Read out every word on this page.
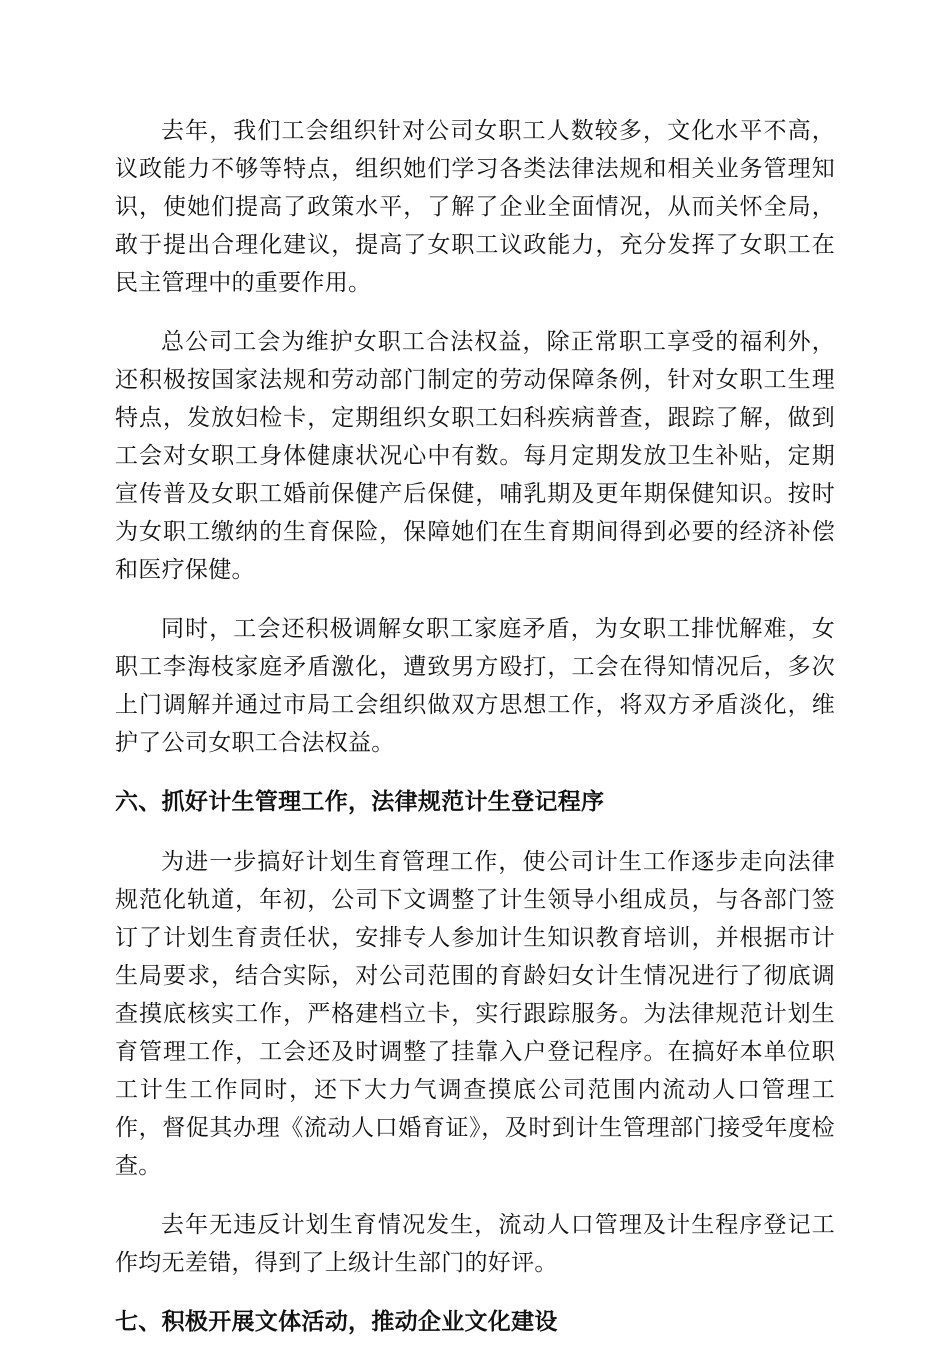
去年，我们工会组织针对公司女职工人数较多，文化水平不高，议政能力不够等特点，组织她们学习各类法律法规和相关业务管理知识，使她们提高了政策水平，了解了企业全面情况，从而关怀全局，敢于提出合理化建议，提高了女职工议政能力，充分发挥了女职工在民主管理中的重要作用。

总公司工会为维护女职工合法权益，除正常职工享受的福利外，还积极按国家法规和劳动部门制定的劳动保障条例，针对女职工生理特点，发放妇检卡，定期组织女职工妇科疾病普查，跟踪了解，做到工会对女职工身体健康状况心中有数。每月定期发放卫生补贴，定期宣传普及女职工婚前保健产后保健，哺乳期及更年期保健知识。按时为女职工缴纳的生育保险，保障她们在生育期间得到必要的经济补偿和医疗保健。

同时，工会还积极调解女职工家庭矛盾，为女职工排忧解难，女职工李海枝家庭矛盾激化，遭致男方殴打，工会在得知情况后，多次上门调解并通过市局工会组织做双方思想工作，将双方矛盾淡化，维护了公司女职工合法权益。

六、抓好计生管理工作，法律规范计生登记程序

为进一步搞好计划生育管理工作，使公司计生工作逐步走向法律规范化轨道，年初，公司下文调整了计生领导小组成员，与各部门签订了计划生育责任状，安排专人参加计生知识教育培训，并根据市计生局要求，结合实际，对公司范围的育龄妇女计生情况进行了彻底调查摸底核实工作，严格建档立卡，实行跟踪服务。为法律规范计划生育管理工作，工会还及时调整了挂靠入户登记程序。在搞好本单位职工计生工作同时，还下大力气调查摸底公司范围内流动人口管理工作，督促其办理《流动人口婚育证》，及时到计生管理部门接受年度检查。

去年无违反计划生育情况发生，流动人口管理及计生程序登记工作均无差错，得到了上级计生部门的好评。

七、积极开展文体活动，推动企业文化建设
